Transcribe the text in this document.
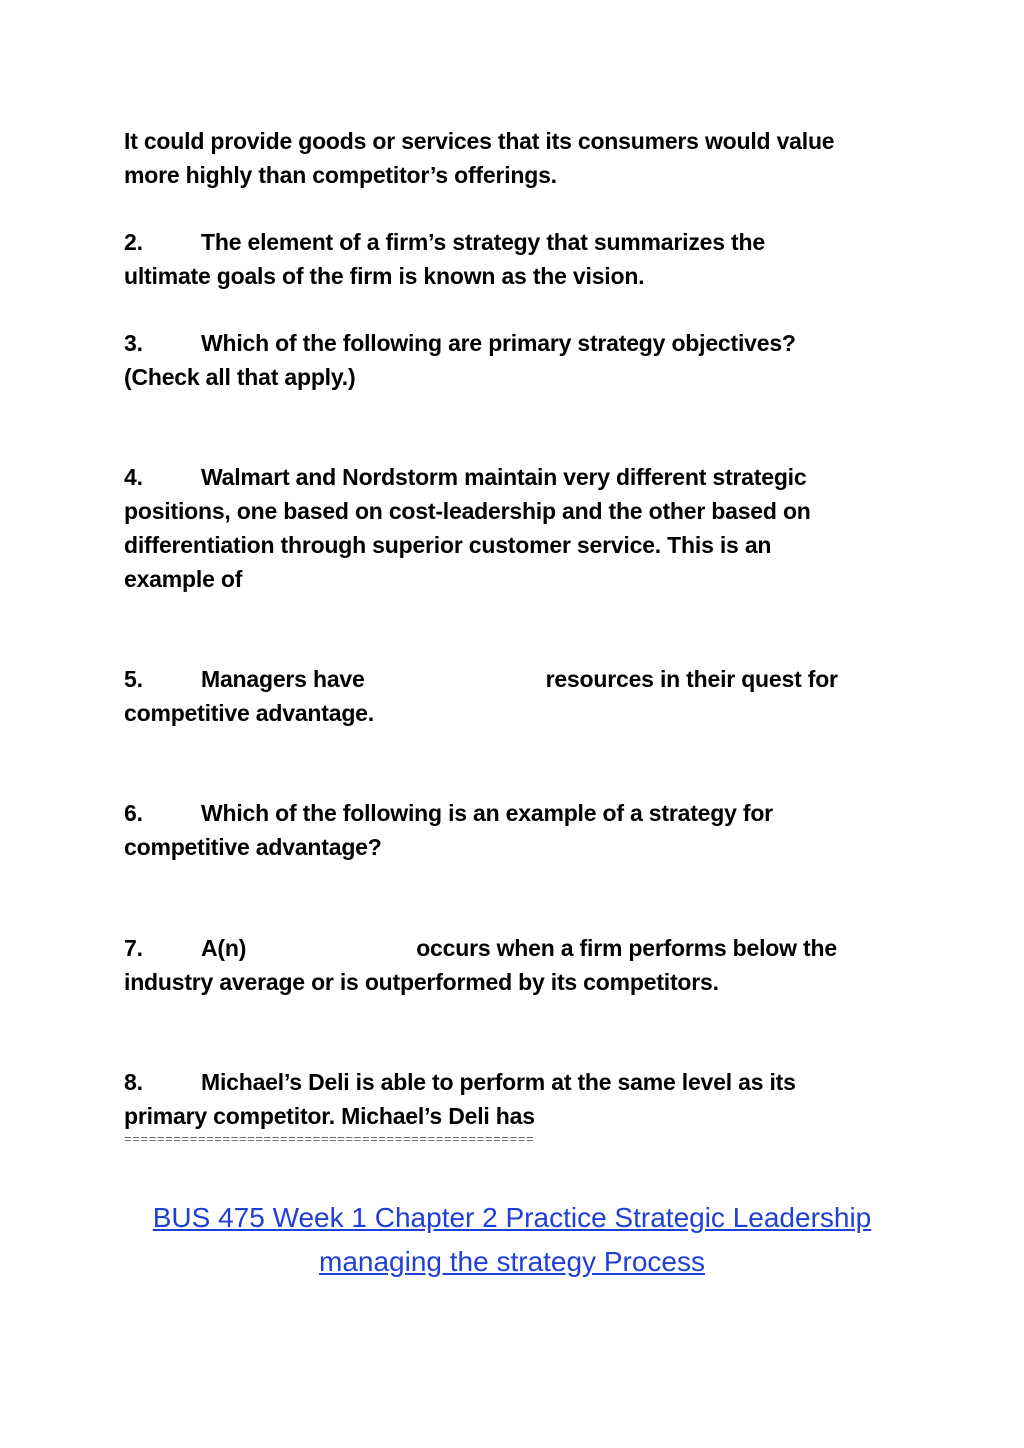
It could provide goods or services that its consumers would value
more highly than competitor’s offerings.
2.	The element of a firm’s strategy that summarizes the
ultimate goals of the firm is known as the vision.
3.	Which of the following are primary strategy objectives?
(Check all that apply.)
4.	Walmart and Nordstorm maintain very different strategic
positions, one based on cost-leadership and the other based on
differentiation through superior customer service. This is an
example of
5.	Managers have	resources in their quest for
competitive advantage.
6.	Which of the following is an example of a strategy for
competitive advantage?
7.	A(n)	occurs when a firm performs below the
industry average or is outperformed by its competitors.
8.	Michael’s Deli is able to perform at the same level as its
primary competitor. Michael’s Deli has
==================================================
BUS 475 Week 1 Chapter 2 Practice Strategic Leadership
managing the strategy Process
